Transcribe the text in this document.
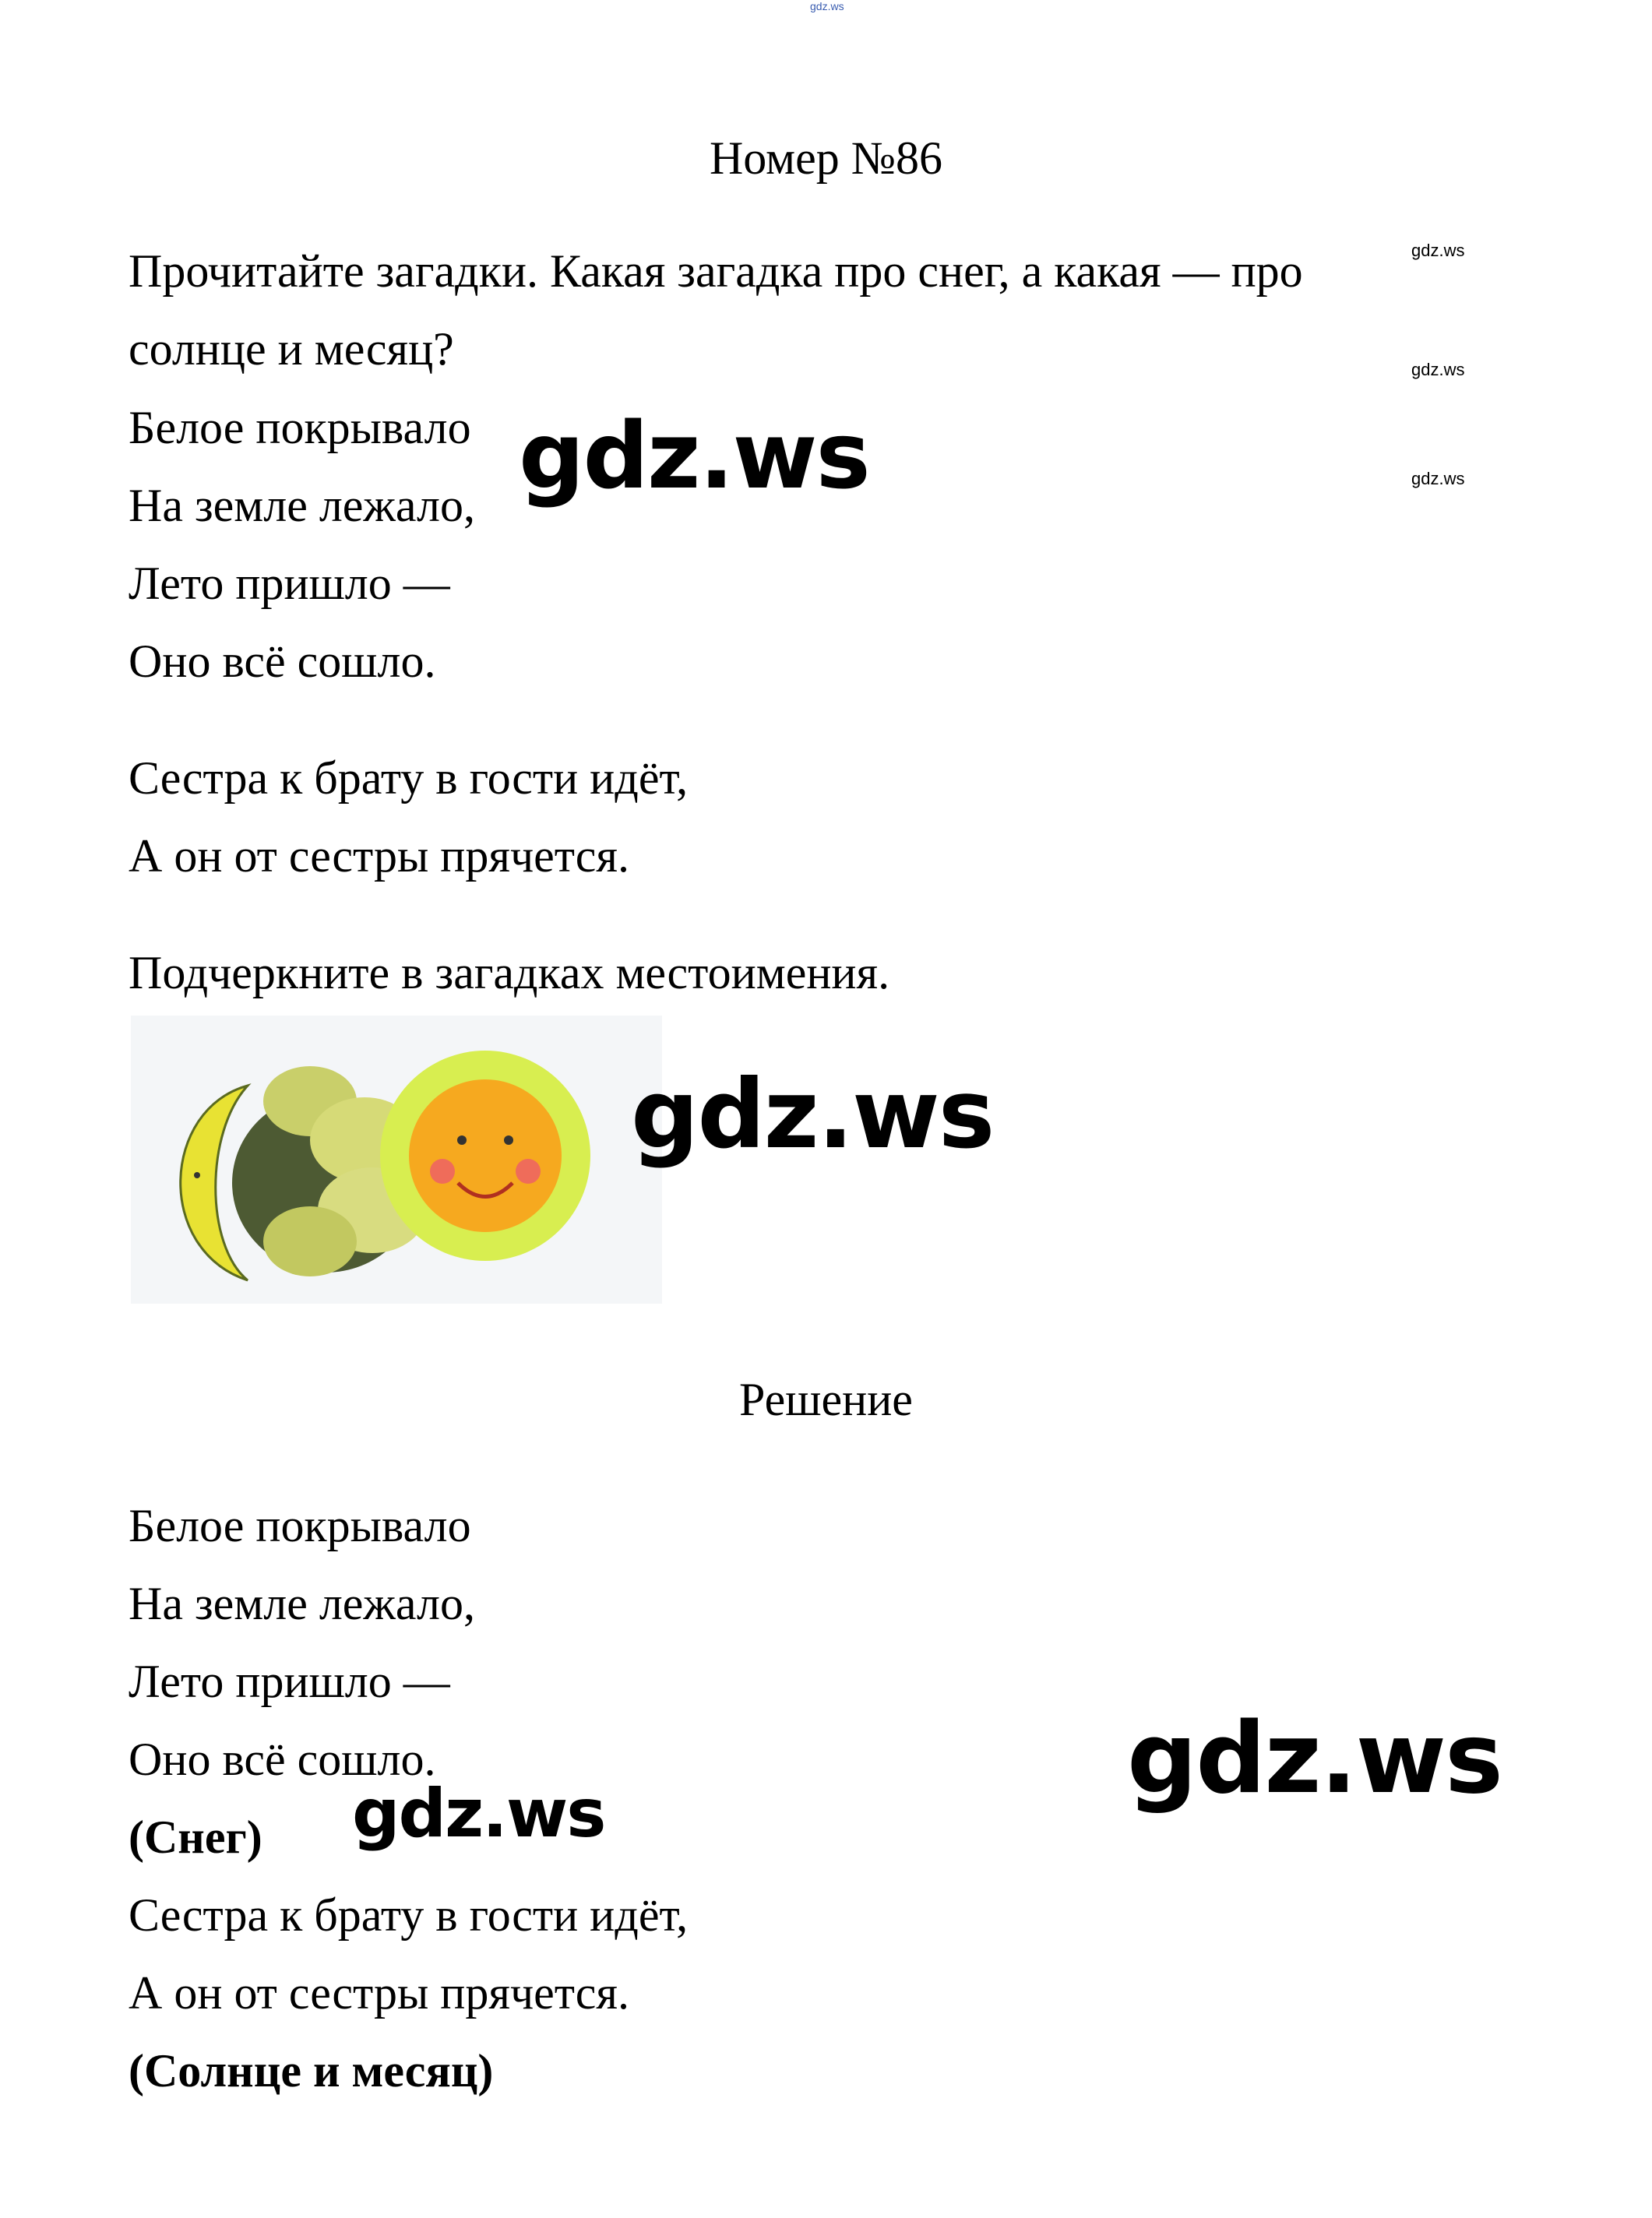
gdz.ws
Номер №86
Прочитайте загадки. Какая загадка про снег, а какая — про
солнце и месяц?
gdz.ws
gdz.ws
gdz.ws
Белое покрывало
На земле лежало,
Лето пришло —
Оно всё сошло.
gdz.ws
Сестра к брату в гости идёт,
А он от сестры прячется.
Подчеркните в загадках местоимения.
gdz.ws
Решение
Белое покрывало
На земле лежало,
Лето пришло —
Оно всё сошло.
(Снег) gdz.ws	gdz.ws
Сестра к брату в гости идёт,
А он от сестры прячется.
(Солнце и месяц)
